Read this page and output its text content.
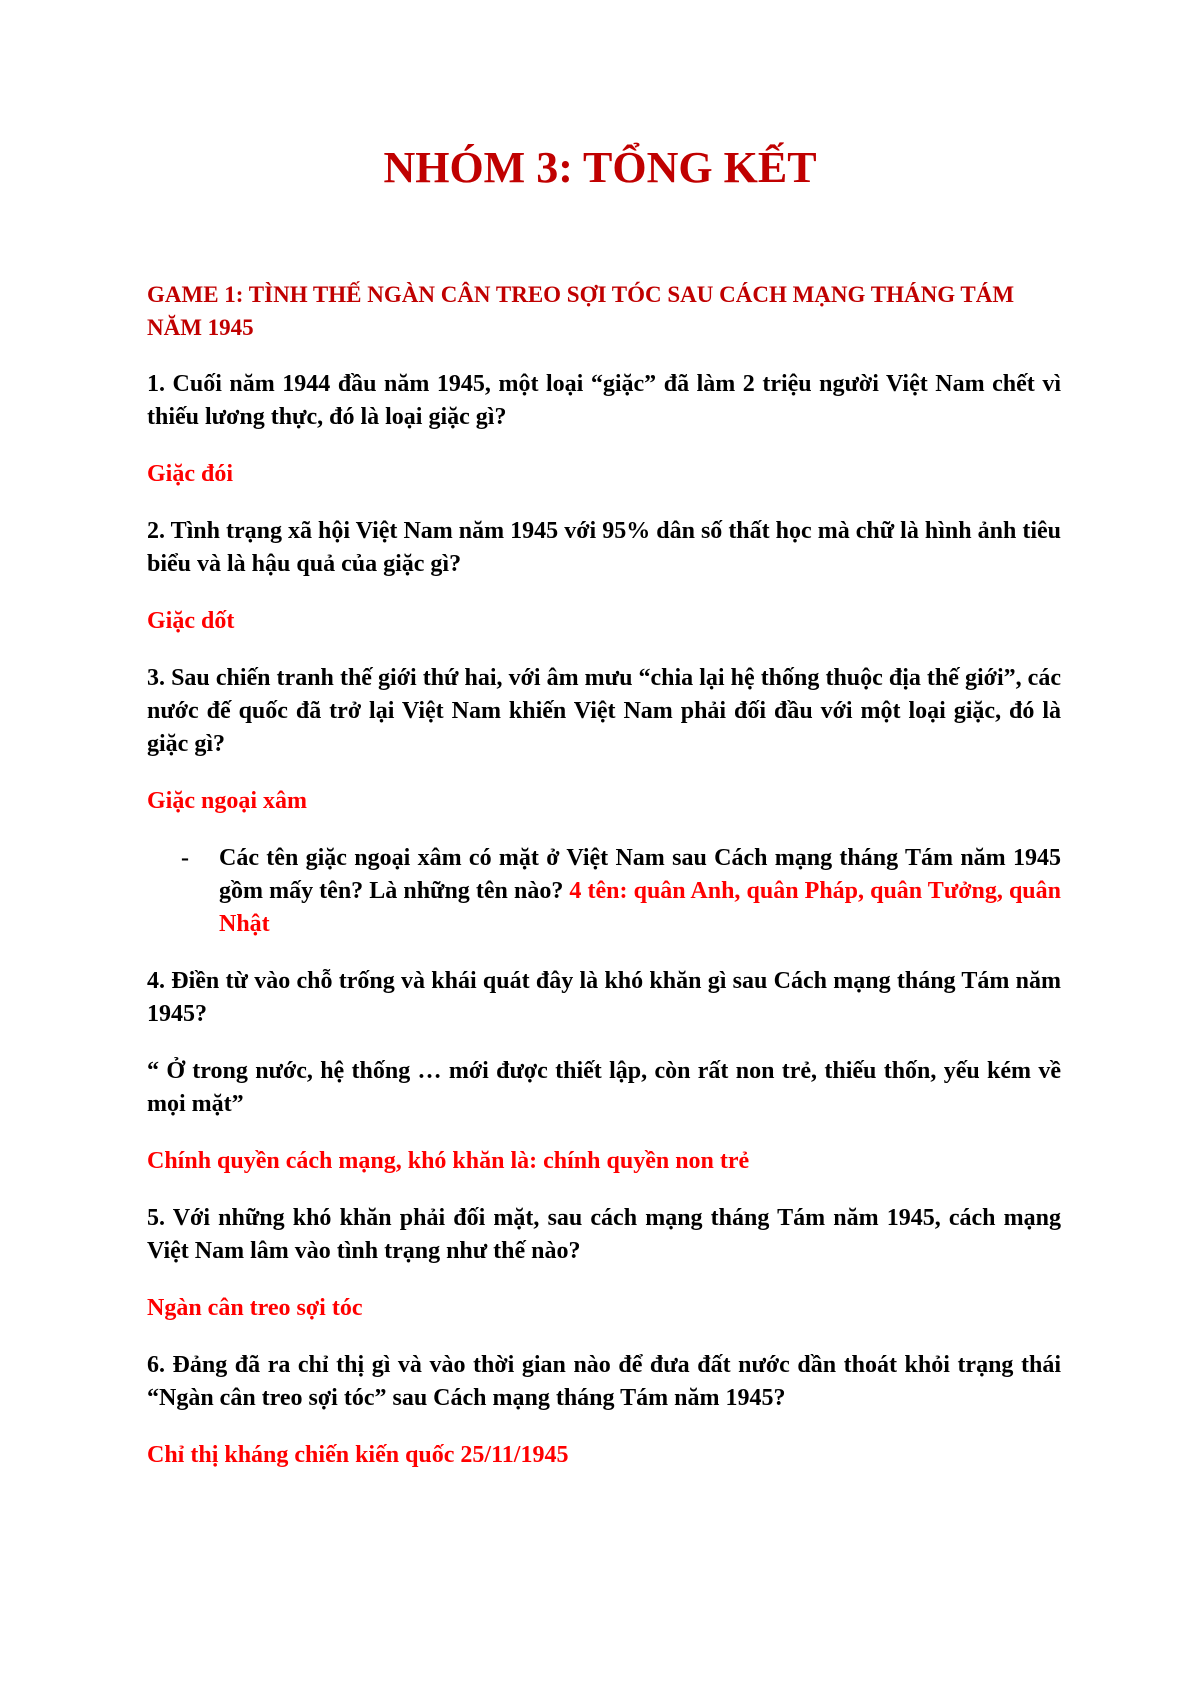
NHÓM 3: TỔNG KẾT

GAME 1: TÌNH THẾ NGÀN CÂN TREO SỢI TÓC SAU CÁCH MẠNG THÁNG TÁM NĂM 1945

1. Cuối năm 1944 đầu năm 1945, một loại “giặc” đã làm 2 triệu người Việt Nam chết vì thiếu lương thực, đó là loại giặc gì?

Giặc đói

2. Tình trạng xã hội Việt Nam năm 1945 với 95% dân số thất học mà chữ là hình ảnh tiêu biểu và là hậu quả của giặc gì?

Giặc dốt

3. Sau chiến tranh thế giới thứ hai, với âm mưu “chia lại hệ thống thuộc địa thế giới”, các nước đế quốc đã trở lại Việt Nam khiến Việt Nam phải đối đầu với một loại giặc, đó là giặc gì?

Giặc ngoại xâm

- Các tên giặc ngoại xâm có mặt ở Việt Nam sau Cách mạng tháng Tám năm 1945 gồm mấy tên? Là những tên nào? 4 tên: quân Anh, quân Pháp, quân Tưởng, quân Nhật

4. Điền từ vào chỗ trống và khái quát đây là khó khăn gì sau Cách mạng tháng Tám năm 1945?

“ Ở trong nước, hệ thống … mới được thiết lập, còn rất non trẻ, thiếu thốn, yếu kém về mọi mặt”

Chính quyền cách mạng, khó khăn là: chính quyền non trẻ

5. Với những khó khăn phải đối mặt, sau cách mạng tháng Tám năm 1945, cách mạng Việt Nam lâm vào tình trạng như thế nào?

Ngàn cân treo sợi tóc

6. Đảng đã ra chỉ thị gì và vào thời gian nào để đưa đất nước dần thoát khỏi trạng thái “Ngàn cân treo sợi tóc” sau Cách mạng tháng Tám năm 1945?

Chỉ thị kháng chiến kiến quốc 25/11/1945
